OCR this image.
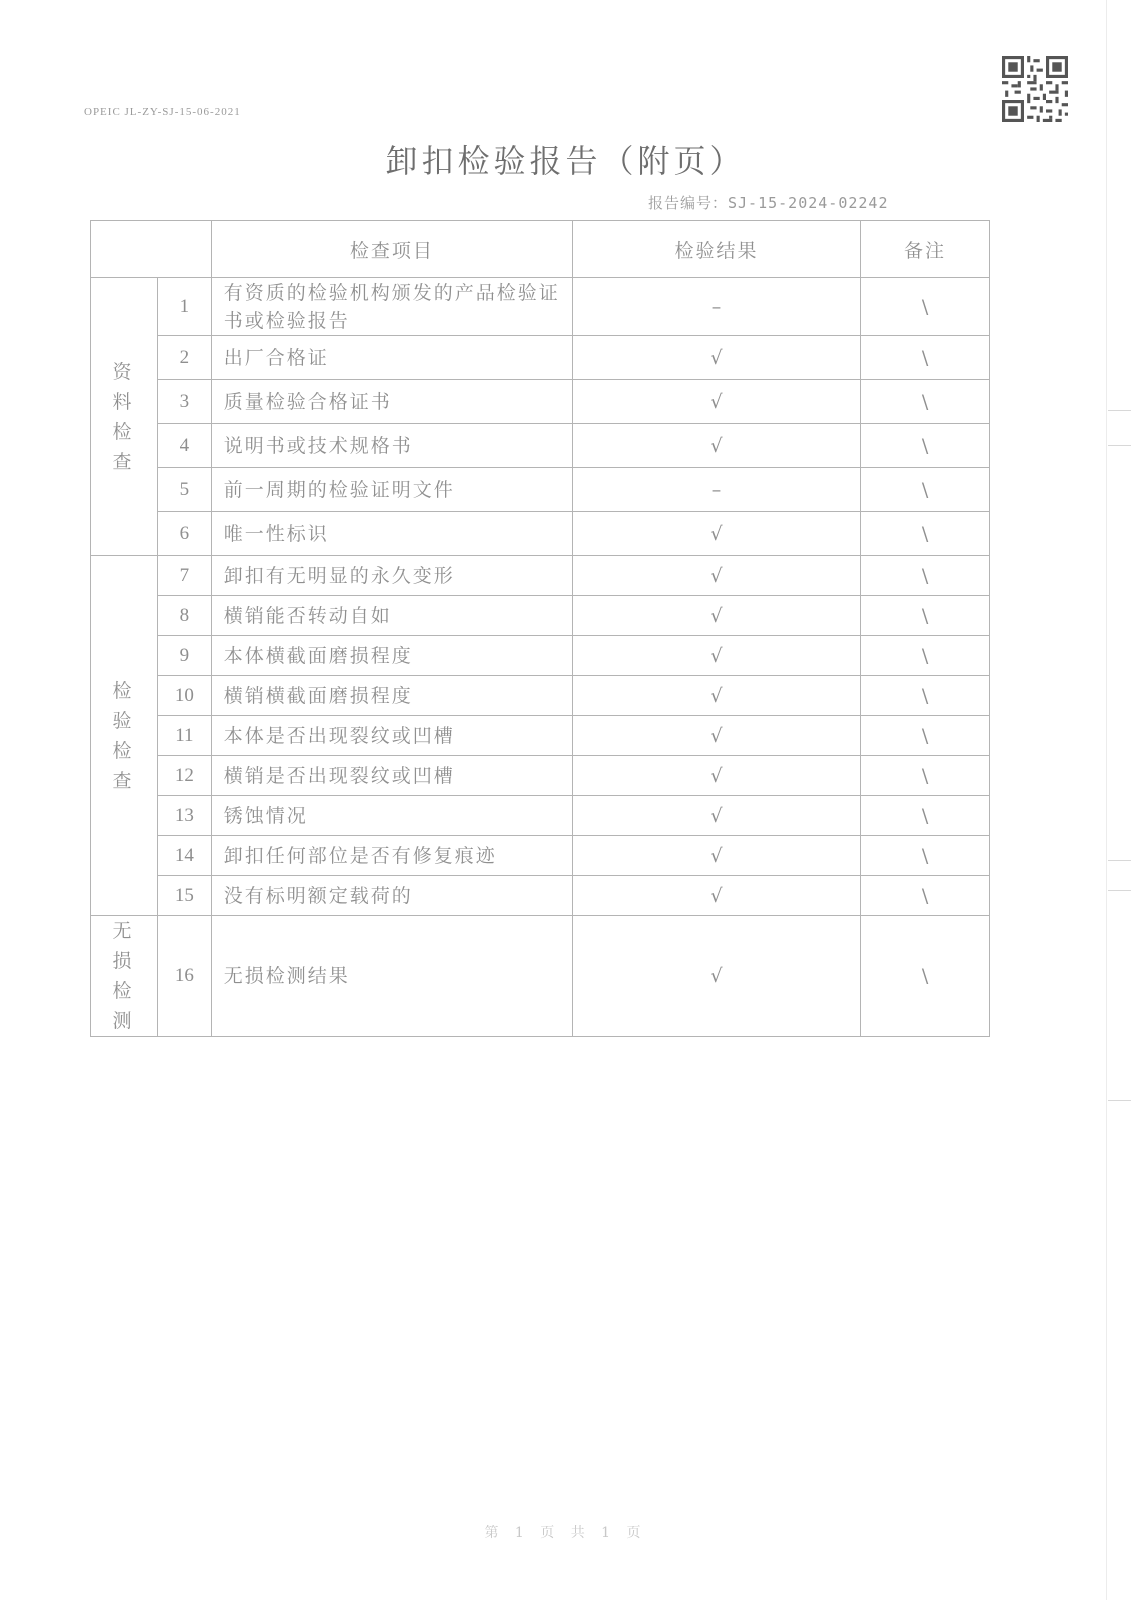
OPEIC JL-ZY-SJ-15-06-2021
卸扣检验报告（附页）
报告编号：SJ-15-2024-02242
		检查项目	检验结果	备注
资料检查	1	有资质的检验机构颁发的产品检验证书或检验报告	–	\
	2	出厂合格证	√	\
	3	质量检验合格证书	√	\
	4	说明书或技术规格书	√	\
	5	前一周期的检验证明文件	–	\
	6	唯一性标识	√	\
检验检查	7	卸扣有无明显的永久变形	√	\
	8	横销能否转动自如	√	\
	9	本体横截面磨损程度	√	\
	10	横销横截面磨损程度	√	\
	11	本体是否出现裂纹或凹槽	√	\
	12	横销是否出现裂纹或凹槽	√	\
	13	锈蚀情况	√	\
	14	卸扣任何部位是否有修复痕迹	√	\
	15	没有标明额定载荷的	√	\
无损检测	16	无损检测结果	√	\
第 1 页 共 1 页
